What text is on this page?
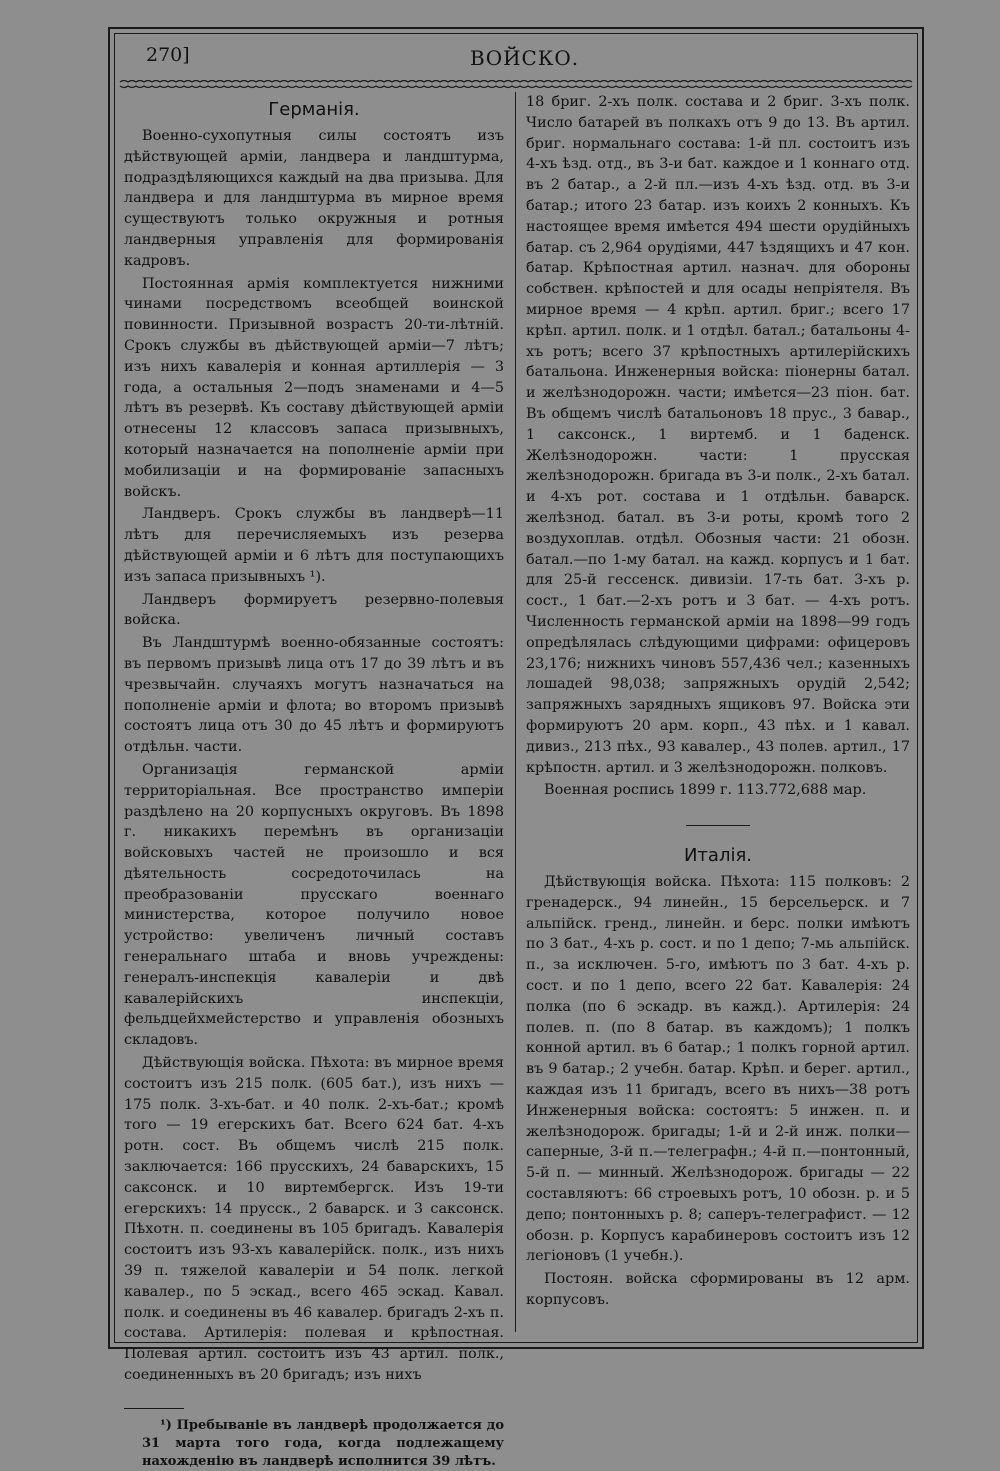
270]	ВОЙСКО.
Германія.

Военно-сухопутныя силы состоятъ изъ дѣйствующей арміи, ландвера и ландштурма, подраздѣляющихся каждый на два призыва. Для ландвера и для ландштурма въ мирное время существуютъ только окружныя и ротныя ландверныя управленія для формированія кадровъ.

Постоянная армія комплектуется нижними чинами посредствомъ всеобщей воинской повинности. Призывной возрастъ 20-ти-лѣтній. Срокъ службы въ дѣйствующей арміи—7 лѣтъ; изъ нихъ кавалерія и конная артиллерія — 3 года, а остальныя 2—подъ знаменами и 4—5 лѣтъ въ резервѣ. Къ составу дѣйствующей арміи отнесены 12 классовъ запаса призывныхъ, который назначается на пополненіе арміи при мобилизаціи и на формированіе запасныхъ войскъ.

Ландверъ. Срокъ службы въ ландверѣ—11 лѣтъ для перечисляемыхъ изъ резерва дѣйствующей арміи и 6 лѣтъ для поступающихъ изъ запаса призывныхъ ¹).

Ландверъ формируетъ резервно-полевыя войска.

Въ Ландштурмѣ военно-обязанные состоятъ: въ первомъ призывѣ лица отъ 17 до 39 лѣтъ и въ чрезвычайн. случаяхъ могутъ назначаться на пополненіе арміи и флота; во второмъ призывѣ состоятъ лица отъ 30 до 45 лѣтъ и формируютъ отдѣльн. части.

Организація германской арміи территоріальная. Все пространство имперіи раздѣлено на 20 корпусныхъ округовъ. Въ 1898 г. никакихъ перемѣнъ въ организаціи войсковыхъ частей не произошло и вся дѣятельность сосредоточилась на преобразованіи прусскаго военнаго министерства, которое получило новое устройство: увеличенъ личный составъ генеральнаго штаба и вновь учреждены: генералъ-инспекція кавалеріи и двѣ кавалерійскихъ инспекціи, фельдцейхмейстерство и управленія обозныхъ складовъ.

Дѣйствующія войска. Пѣхота: въ мирное время состоитъ изъ 215 полк. (605 бат.), изъ нихъ — 175 полк. 3-хъ-бат. и 40 полк. 2-хъ-бат.; кромѣ того — 19 егерскихъ бат. Всего 624 бат. 4-хъ ротн. сост. Въ общемъ числѣ 215 полк. заключается: 166 прусскихъ, 24 баварскихъ, 15 саксонск. и 10 виртембергск. Изъ 19-ти егерскихъ: 14 прусск., 2 баварск. и 3 саксонск. Пѣхотн. п. соединены въ 105 бригадъ. Кавалерія состоитъ изъ 93-хъ кавалерійск. полк., изъ нихъ 39 п. тяжелой кавалеріи и 54 полк. легкой кавалер., по 5 эскад., всего 465 эскад. Кавал. полк. и соединены въ 46 кавалер. бригадъ 2-хъ п. состава. Артилерія: полевая и крѣпостная. Полевая артил. состоитъ изъ 43 артил. полк., соединенныхъ въ 20 бригадъ; изъ нихъ

¹) Пребываніе въ ландверѣ продолжается до 31 марта того года, когда подлежащему нахожденію въ ландверѣ исполнится 39 лѣтъ.

18 бриг. 2-хъ полк. состава и 2 бриг. 3-хъ полк. Число батарей въ полкахъ отъ 9 до 13. Въ артил. бриг. нормальнаго состава: 1-й пл. состоитъ изъ 4-хъ ѣзд. отд., въ 3-и бат. каждое и 1 коннаго отд. въ 2 батар., а 2-й пл.—изъ 4-хъ ѣзд. отд. въ 3-и батар.; итого 23 батар. изъ коихъ 2 конныхъ. Къ настоящее время имѣется 494 шести орудійныхъ батар. съ 2,964 орудіями, 447 ѣздящихъ и 47 кон. батар. Крѣпостная артил. назнач. для обороны собствен. крѣпостей и для осады непріятеля. Въ мирное время — 4 крѣп. артил. бриг.; всего 17 крѣп. артил. полк. и 1 отдѣл. батал.; батальоны 4-хъ ротъ; всего 37 крѣпостныхъ артилерійскихъ батальона. Инженерныя войска: піонерны батал. и желѣзнодорожн. части; имѣется—23 піон. бат. Въ общемъ числѣ батальоновъ 18 прус., 3 бавар., 1 саксонск., 1 виртемб. и 1 баденск. Желѣзнодорожн. части: 1 прусская желѣзнодорожн. бригада въ 3-и полк., 2-хъ батал. и 4-хъ рот. состава и 1 отдѣльн. баварск. желѣзнод. батал. въ 3-и роты, кромѣ того 2 воздухоплав. отдѣл. Обозныя части: 21 обозн. батал.—по 1-му батал. на кажд. корпусъ и 1 бат. для 25-й гессенск. дивизіи. 17-ть бат. 3-хъ р. сост., 1 бат.—2-хъ ротъ и 3 бат. — 4-хъ ротъ. Численность германской арміи на 1898—99 годъ опредѣлялась слѣдующими цифрами: офицеровъ 23,176; нижнихъ чиновъ 557,436 чел.; казенныхъ лошадей 98,038; запряжныхъ орудій 2,542; запряжныхъ зарядныхъ ящиковъ 97. Войска эти формируютъ 20 арм. корп., 43 пѣх. и 1 кавал. дивиз., 213 пѣх., 93 кавалер., 43 полев. артил., 17 крѣпостн. артил. и 3 желѣзнодорожн. полковъ.

Военная роспись 1899 г. 113.772,688 мар.

Италія.

Дѣйствующія войска. Пѣхота: 115 полковъ: 2 гренадерск., 94 линейн., 15 берсельерск. и 7 альпійск. гренд., линейн. и берс. полки имѣютъ по 3 бат., 4-хъ р. сост. и по 1 депо; 7-мь альпійск. п., за исключен. 5-го, имѣютъ по 3 бат. 4-хъ р. сост. и по 1 депо, всего 22 бат. Кавалерія: 24 полка (по 6 эскадр. въ кажд.). Артилерія: 24 полев. п. (по 8 батар. въ каждомъ); 1 полкъ конной артил. въ 6 батар.; 1 полкъ горной артил. въ 9 батар.; 2 учебн. батар. Крѣп. и берег. артил., каждая изъ 11 бригадъ, всего въ нихъ—38 ротъ Инженерныя войска: состоятъ: 5 инжен. п. и желѣзнодорож. бригады; 1-й и 2-й инж. полки—саперные, 3-й п.—телеграфн.; 4-й п.—понтонный, 5-й п. — минный. Желѣзнодорож. бригады — 22 составляютъ: 66 строевыхъ ротъ, 10 обозн. р. и 5 депо; понтонныхъ р. 8; саперъ-телеграфист. — 12 обозн. р. Корпусъ карабинеровъ состоитъ изъ 12 легіоновъ (1 учебн.).

Постоян. войска сформированы въ 12 арм. корпусовъ.
